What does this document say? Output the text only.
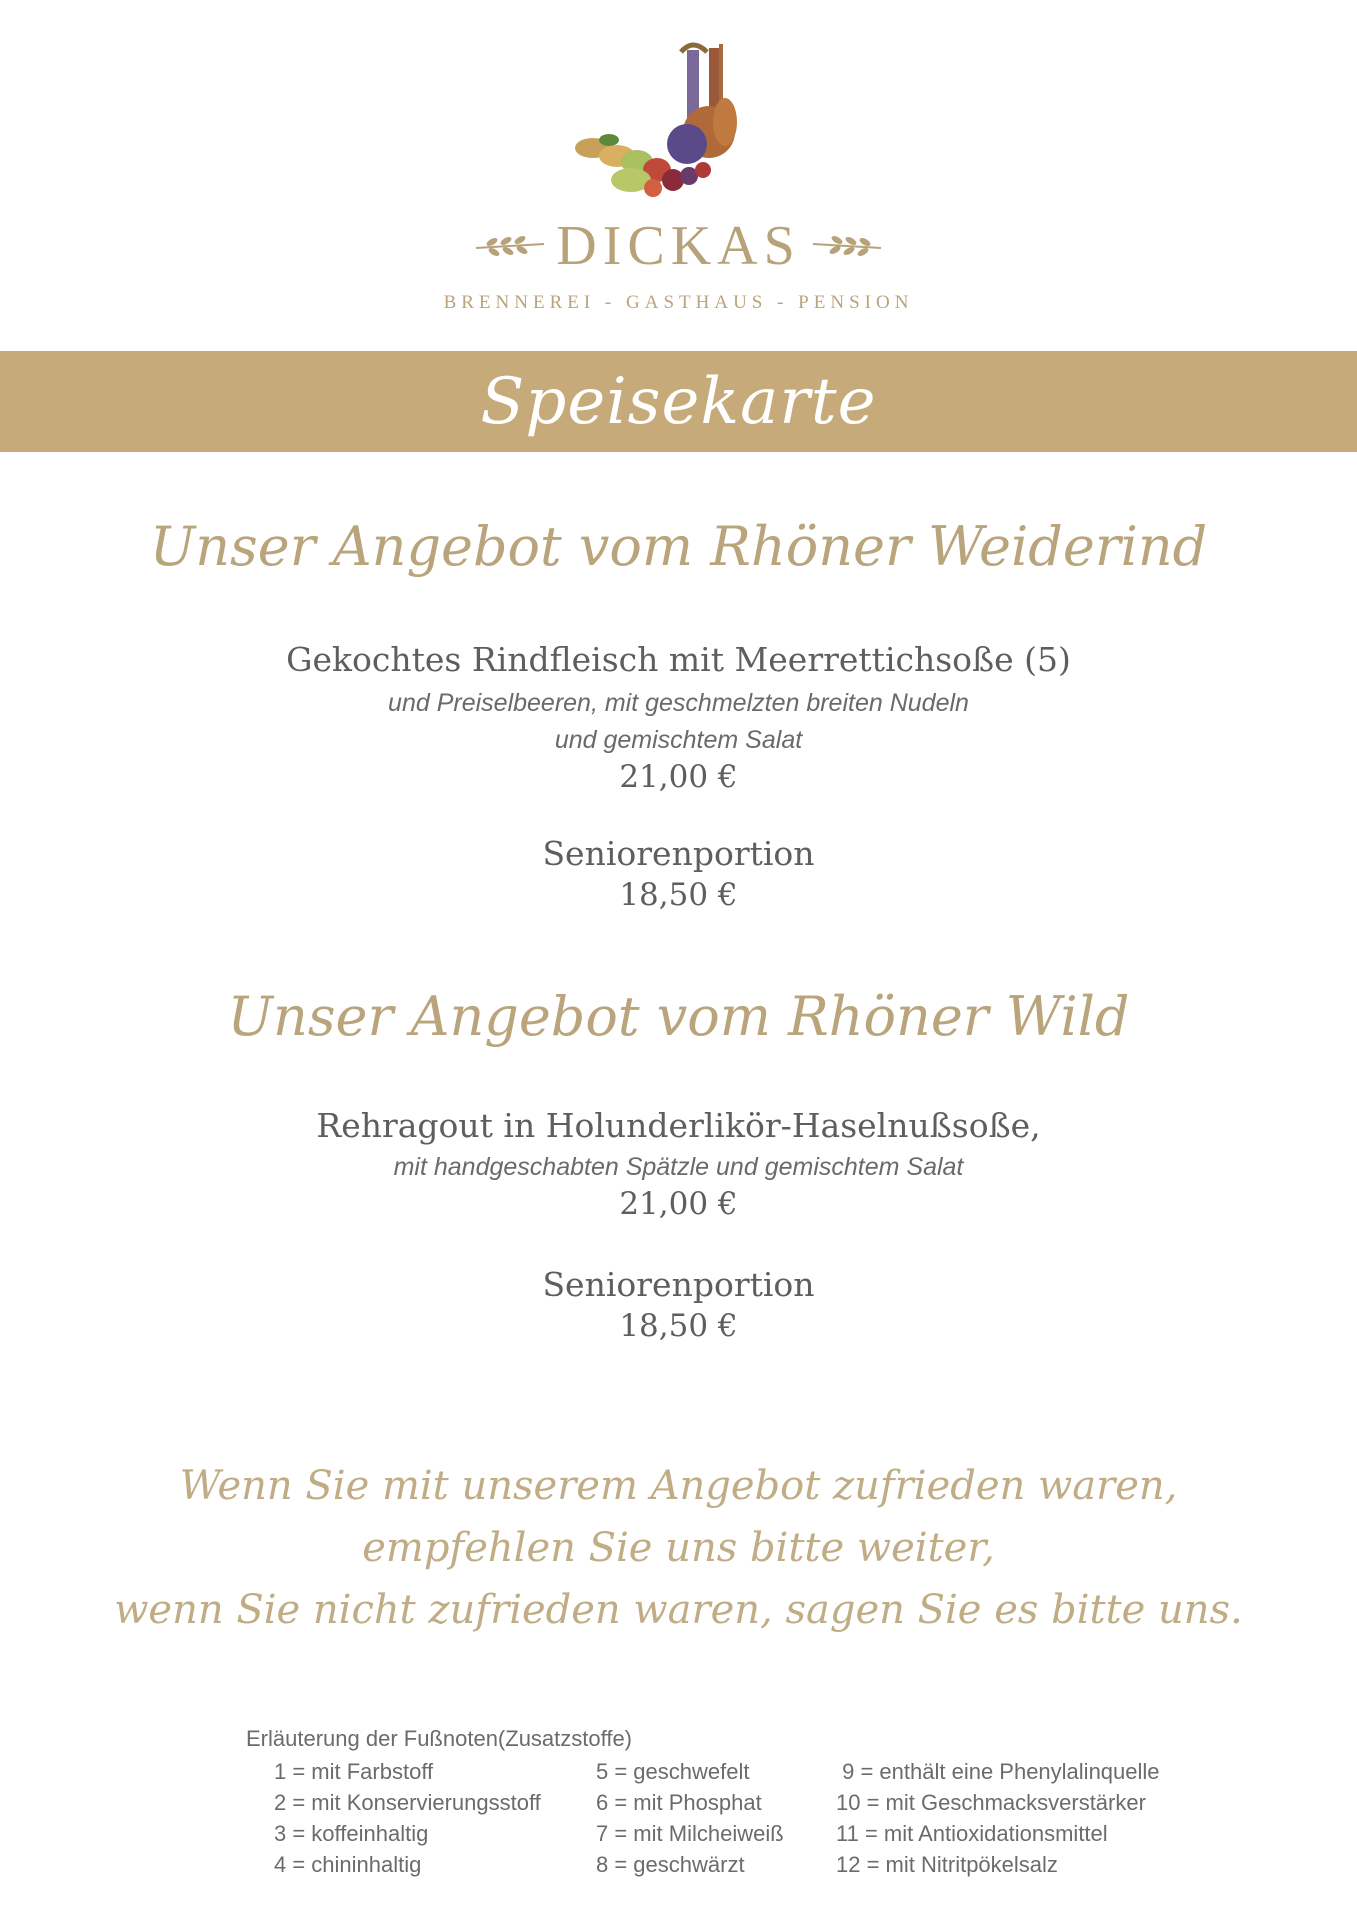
DICKAS
BRENNEREI - GASTHAUS - PENSION
Speisekarte
Unser Angebot vom Rhöner Weiderind
Gekochtes Rindfleisch mit Meerrettichsoße (5)
und Preiselbeeren, mit geschmelzten breiten Nudeln
und gemischtem Salat
21,00 €
Seniorenportion
18,50 €
Unser Angebot vom Rhöner Wild
Rehragout in Holunderlikör-Haselnußsoße,
mit handgeschabten Spätzle und gemischtem Salat
21,00 €
Seniorenportion
18,50 €
Wenn Sie mit unserem Angebot zufrieden waren,
empfehlen Sie uns bitte weiter,
wenn Sie nicht zufrieden waren, sagen Sie es bitte uns.
Erläuterung der Fußnoten(Zusatzstoffe)
1 = mit Farbstoff
2 = mit Konservierungsstoff
3 = koffeinhaltig
4 = chininhaltig
5 = geschwefelt
6 = mit Phosphat
7 = mit Milcheiweiß
8 = geschwärzt
9 = enthält eine Phenylalinquelle
10 = mit Geschmacksverstärker
11 = mit Antioxidationsmittel
12 = mit Nitritpökelsalz
